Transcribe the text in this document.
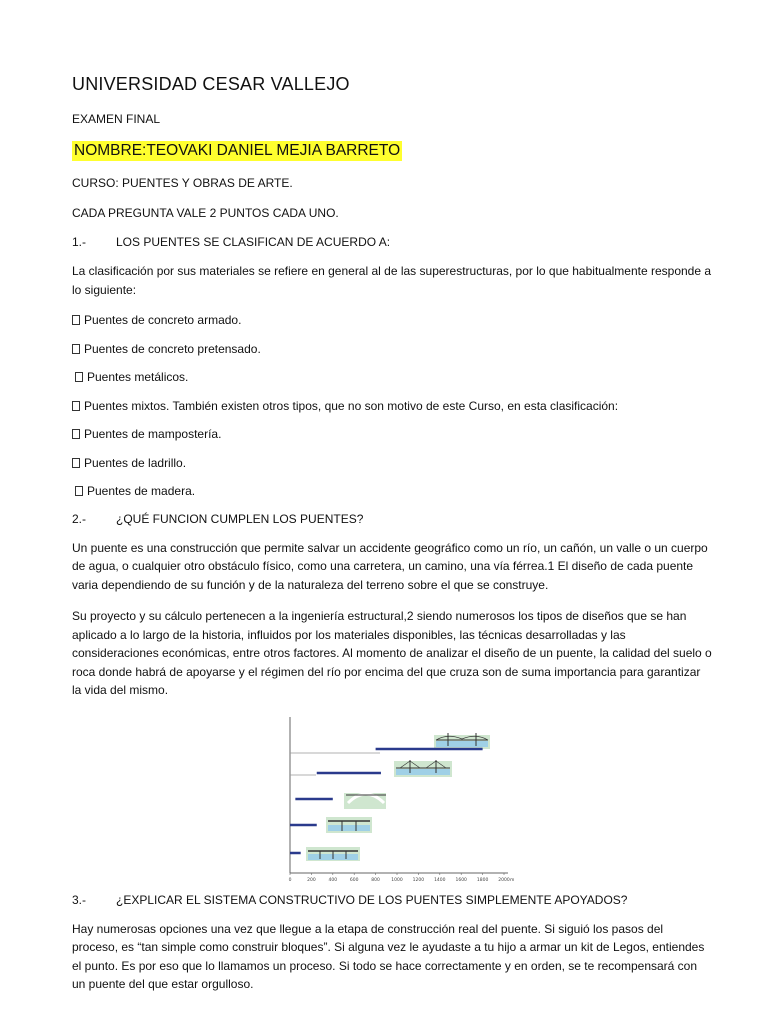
UNIVERSIDAD CESAR VALLEJO
EXAMEN FINAL
NOMBRE:TEOVAKI DANIEL MEJIA BARRETO
CURSO: PUENTES Y OBRAS DE ARTE.
CADA PREGUNTA VALE 2 PUNTOS CADA UNO.
1.-	LOS PUENTES SE CLASIFICAN DE ACUERDO A:
La clasificación por sus materiales se refiere en general al de las superestructuras, por lo que habitualmente responde a lo siguiente:
Puentes de concreto armado.
Puentes de concreto pretensado.
Puentes metálicos.
Puentes mixtos. También existen otros tipos, que no son motivo de este Curso, en esta clasificación:
Puentes de mampostería.
Puentes de ladrillo.
Puentes de madera.
2.-	¿QUÉ FUNCION CUMPLEN LOS PUENTES?
Un puente es una construcción que permite salvar un accidente geográfico como un río, un cañón, un valle o un cuerpo de agua, o cualquier otro obstáculo físico, como una carretera, un camino, una vía férrea.1 El diseño de cada puente varia dependiendo de su función y de la naturaleza del terreno sobre el que se construye.
Su proyecto y su cálculo pertenecen a la ingeniería estructural,2 siendo numerosos los tipos de diseños que se han aplicado a lo largo de la historia, influidos por los materiales disponibles, las técnicas desarrolladas y las consideraciones económicas, entre otros factores. Al momento de analizar el diseño de un puente, la calidad del suelo o roca donde habrá de apoyarse y el régimen del río por encima del que cruza son de suma importancia para garantizar la vida del mismo.
0	200	400	600	800	1000 1200 1400 1600 1800 2000 m
3.-	¿EXPLICAR EL SISTEMA CONSTRUCTIVO DE LOS PUENTES SIMPLEMENTE APOYADOS?
Hay numerosas opciones una vez que llegue a la etapa de construcción real del puente. Si siguió los pasos del proceso, es “tan simple como construir bloques”. Si alguna vez le ayudaste a tu hijo a armar un kit de Legos, entiendes el punto. Es por eso que lo llamamos un proceso. Si todo se hace correctamente y en orden, se te recompensará con un puente del que estar orgulloso.
